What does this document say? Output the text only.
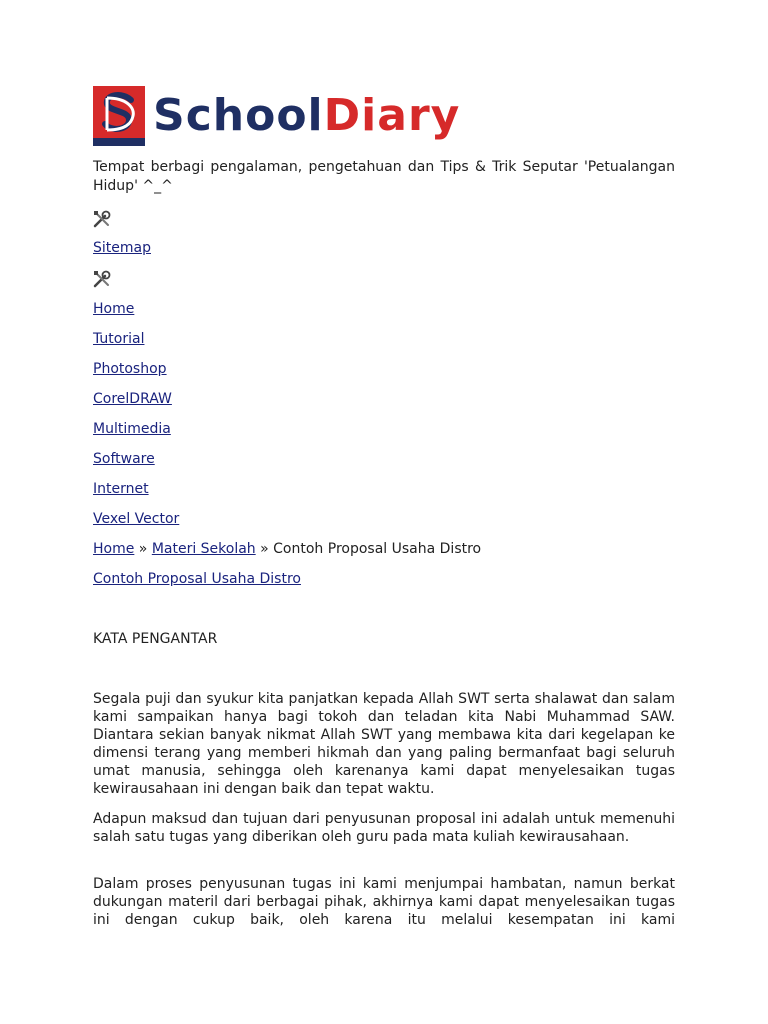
SchoolDiary
Tempat berbagi pengalaman, pengetahuan dan Tips & Trik Seputar 'Petualangan Hidup' ^_^
Sitemap
Home
Tutorial
Photoshop
CorelDRAW
Multimedia
Software
Internet
Vexel Vector
Home » Materi Sekolah » Contoh Proposal Usaha Distro
Contoh Proposal Usaha Distro
KATA PENGANTAR

Segala puji dan syukur kita panjatkan kepada Allah SWT serta shalawat dan salam kami sampaikan hanya bagi tokoh dan teladan kita Nabi Muhammad SAW. Diantara sekian banyak nikmat Allah SWT yang membawa kita dari kegelapan ke dimensi terang yang memberi hikmah dan yang paling bermanfaat bagi seluruh umat manusia, sehingga oleh karenanya kami dapat menyelesaikan tugas kewirausahaan ini dengan baik dan tepat waktu.

Adapun maksud dan tujuan dari penyusunan proposal ini adalah untuk memenuhi salah satu tugas yang diberikan oleh guru pada mata kuliah kewirausahaan.

Dalam proses penyusunan tugas ini kami menjumpai hambatan, namun berkat dukungan materil dari berbagai pihak, akhirnya kami dapat menyelesaikan tugas ini dengan cukup baik, oleh karena itu melalui kesempatan ini kami
